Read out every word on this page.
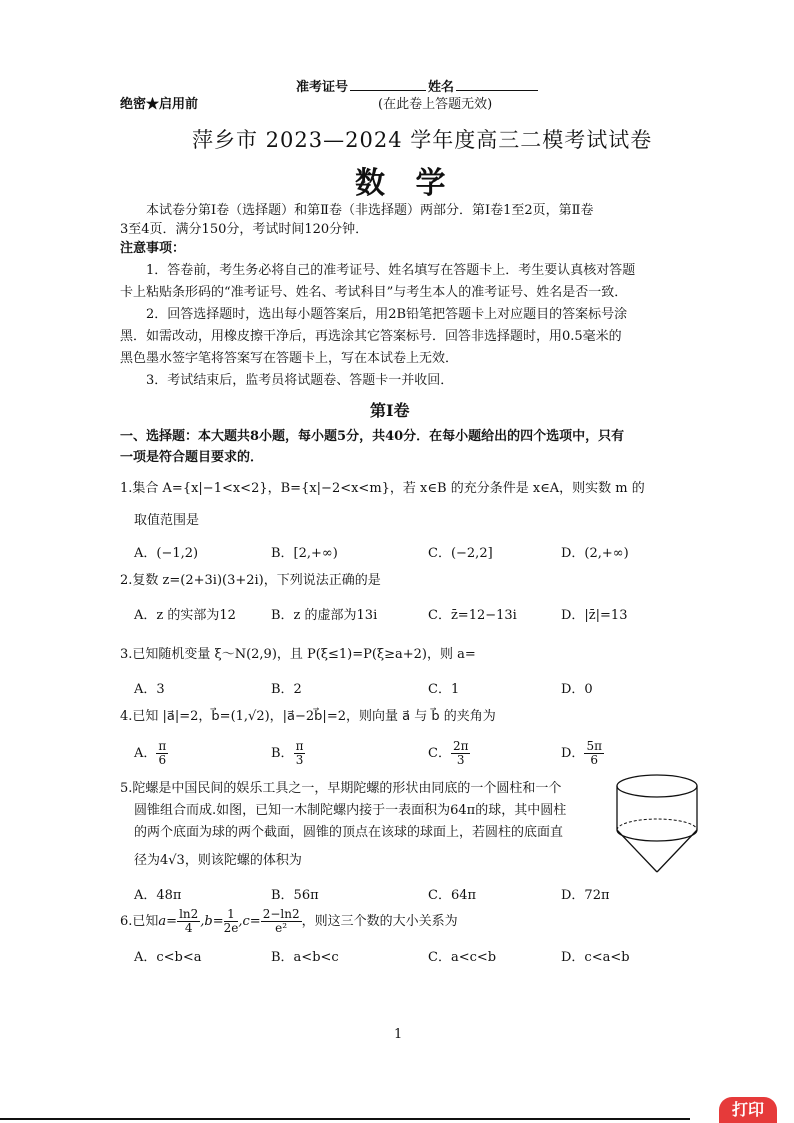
准考证号	姓名
绝密★启用前	(在此卷上答题无效)
萍乡市 2023—2024 学年度高三二模考试试卷
数 学
本试卷分第Ⅰ卷（选择题）和第Ⅱ卷（非选择题）两部分．第Ⅰ卷1至2页，第Ⅱ卷
3至4页．满分150分，考试时间120分钟．
注意事项：
1．答卷前，考生务必将自己的准考证号、姓名填写在答题卡上．考生要认真核对答题
卡上粘贴条形码的“准考证号、姓名、考试科目”与考生本人的准考证号、姓名是否一致．
2．回答选择题时，选出每小题答案后，用2B铅笔把答题卡上对应题目的答案标号涂
黑．如需改动，用橡皮擦干净后，再选涂其它答案标号．回答非选择题时，用0.5毫米的
黑色墨水签字笔将答案写在答题卡上，写在本试卷上无效．
3．考试结束后，监考员将试题卷、答题卡一并收回．
第Ⅰ卷
一、选择题：本大题共8小题，每小题5分，共40分．在每小题给出的四个选项中，只有
一项是符合题目要求的．
1.集合 A={x|−1<x<2}，B={x|−2<x<m}，若 x∈B 的充分条件是 x∈A，则实数 m 的
取值范围是
A．(−1,2)	B．[2,+∞)	C．(−2,2]	D．(2,+∞)
2.复数 z=(2+3i)(3+2i)，下列说法正确的是
A．z 的实部为12	B．z 的虚部为13i	C．z̄=12−13i	D．|z̄|=13
3.已知随机变量 ξ～N(2,9)，且 P(ξ≤1)=P(ξ≥a+2)，则 a=
A．3	B．2	C．1	D．0
4.已知 |a⃗|=2，b⃗=(1,√2)，|a⃗−2b⃗|=2，则向量 a⃗ 与 b⃗ 的夹角为
A． $\frac{\pi}{6}$	B． $\frac{\pi}{3}$	C． $\frac{2\pi}{3}$	D． $\frac{5\pi}{6}$
5.陀螺是中国民间的娱乐工具之一，早期陀螺的形状由同底的一个圆柱和一个
圆锥组合而成.如图，已知一木制陀螺内接于一表面积为64π的球，其中圆柱
的两个底面为球的两个截面，圆锥的顶点在该球的球面上，若圆柱的底面直
径为4√3，则该陀螺的体积为
A．48π	B．56π	C．64π	D．72π
6.已知$a= \frac{\ln 2}{4} ,b= \frac{1}{2e} ,c= \frac{2-\ln 2}{\text{e²}}$ ，则这三个数的大小关系为
A．c<b<a	B．a<b<c	C．a<c<b	D．c<a<b
1
打印
